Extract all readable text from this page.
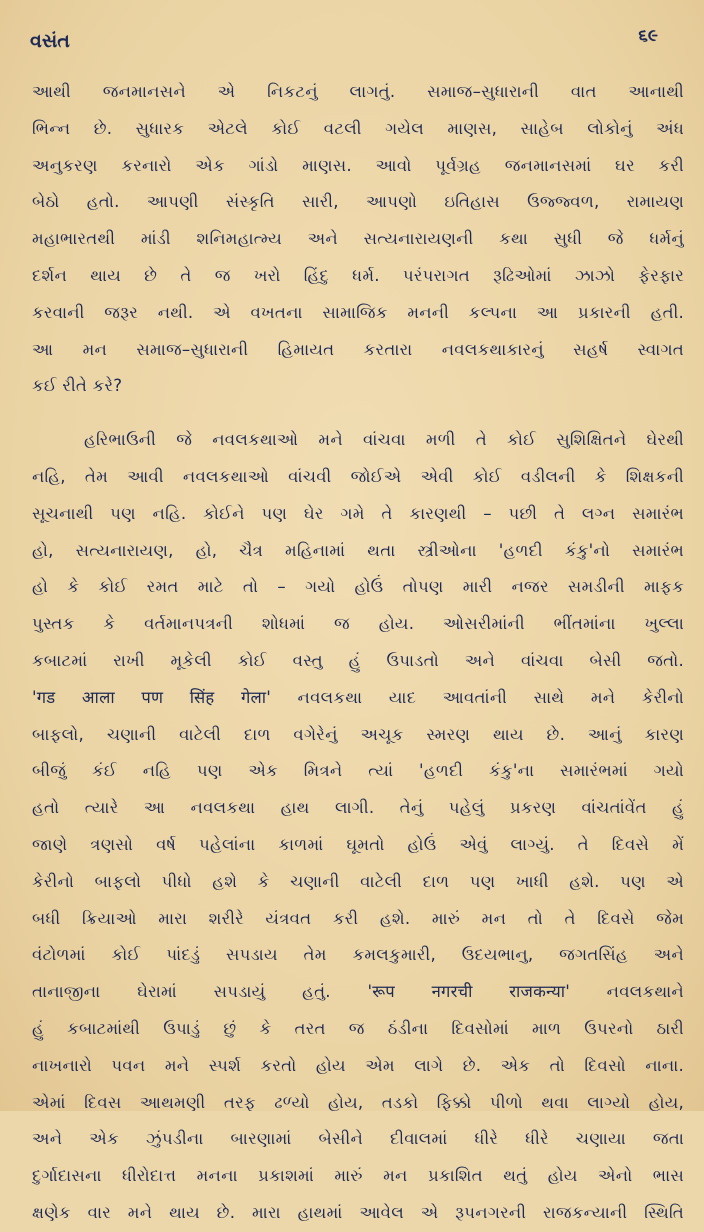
વસંત	૬૯
આથી જનમાનસને એ નિકટનું લાગતું. સમાજ–સુધારાની વાત આનાથી
ભિન્ન છે. સુધારક એટલે કોઈ વટલી ગયેલ માણસ, સાહેબ લોકોનું અંધ
અનુકરણ કરનારો એક ગાંડો માણસ. આવો પૂર્વગ્રહ જનમાનસમાં ઘર કરી
બેઠો હતો. આપણી સંસ્કૃતિ સારી, આપણો ઇતિહાસ ઉજ્જ્વળ, રામાયણ
મહાભારતથી માંડી શનિમહાત્મ્ય અને સત્યનારાયણની કથા સુધી જે ધર્મનું
દર્શન થાય છે તે જ ખરો હિંદુ ધર્મ. પરંપરાગત રૂઢિઓમાં ઝાઝો ફેરફાર
કરવાની જરૂર નથી. એ વખતના સામાજિક મનની કલ્પના આ પ્રકારની હતી.
આ મન સમાજ–સુધારાની હિમાયત કરતારા નવલકથાકારનું સહર્ષ સ્વાગત
કઈ રીતે કરે?
હરિભાઉની જે નવલકથાઓ મને વાંચવા મળી તે કોઈ સુશિક્ષિતને ઘેરથી
નહિ, તેમ આવી નવલકથાઓ વાંચવી જોઈએ એવી કોઈ વડીલની કે શિક્ષકની
સૂચનાથી પણ નહિ. કોઈને પણ ઘેર ગમે તે કારણથી – પછી તે લગ્ન સમારંભ
હો, સત્યનારાયણ, હો, ચૈત્ર મહિનામાં થતા સ્ત્રીઓના 'હળદી કંકુ'નો સમારંભ
હો કે કોઈ રમત માટે તો – ગયો હોઉં તોપણ મારી નજર સમડીની માફક
પુસ્તક કે વર્તમાનપત્રની શોધમાં જ હોય. ઓસરીમાંની ભીંતમાંના ખુલ્લા
કબાટમાં રાખી મૂકેલી કોઈ વસ્તુ હું ઉપાડતો અને વાંચવા બેસી જતો.
'गड आला पण सिंह गेला' નવલકથા યાદ આવતાંની સાથે મને કેરીનો
બાફલો, ચણાની વાટેલી દાળ વગેરેનું અચૂક સ્મરણ થાય છે. આનું કારણ
બીજું કંઈ નહિ પણ એક મિત્રને ત્યાં 'હળદી કંકુ'ના સમારંભમાં ગયો
હતો ત્યારે આ નવલકથા હાથ લાગી. તેનું પહેલું પ્રકરણ વાંચતાંવેંત હું
જાણે ત્રણસો વર્ષ પહેલાંના કાળમાં ઘૂમતો હોઉં એવું લાગ્યું. તે દિવસે મેં
કેરીનો બાફલો પીધો હશે કે ચણાની વાટેલી દાળ પણ ખાધી હશે. પણ એ
બધી ક્રિયાઓ મારા શરીરે યંત્રવત કરી હશે. મારું મન તો તે દિવસે જેમ
વંટોળમાં કોઈ પાંદડું સપડાય તેમ કમલકુમારી, ઉદયભાનુ, જગતસિંહ અને
તાનાજીના ઘેરામાં સપડાયું હતું. 'रूप नगरची राजकन्या' નવલકથાને
હું કબાટમાંથી ઉપાડું છું કે તરત જ ઠંડીના દિવસોમાં માળ ઉપરનો ઠારી
નાખનારો પવન મને સ્પર્શ કરતો હોય એમ લાગે છે. એક તો દિવસો નાના.
એમાં દિવસ આથમણી તરફ ઢળ્યો હોય, તડકો ફિક્કો પીળો થવા લાગ્યો હોય,
અને એક ઝુંપડીના બારણામાં બેસીને દીવાલમાં ધીરે ધીરે ચણાયા જતા
દુર્ગાદાસના ધીરોદાત્ત મનના પ્રકાશમાં મારું મન પ્રકાશિત થતું હોય એનો ભાસ
ક્ષણેક વાર મને થાય છે. મારા હાથમાં આવેલ એ રૂપનગરની રાજકન્યાની સ્થિતિ
